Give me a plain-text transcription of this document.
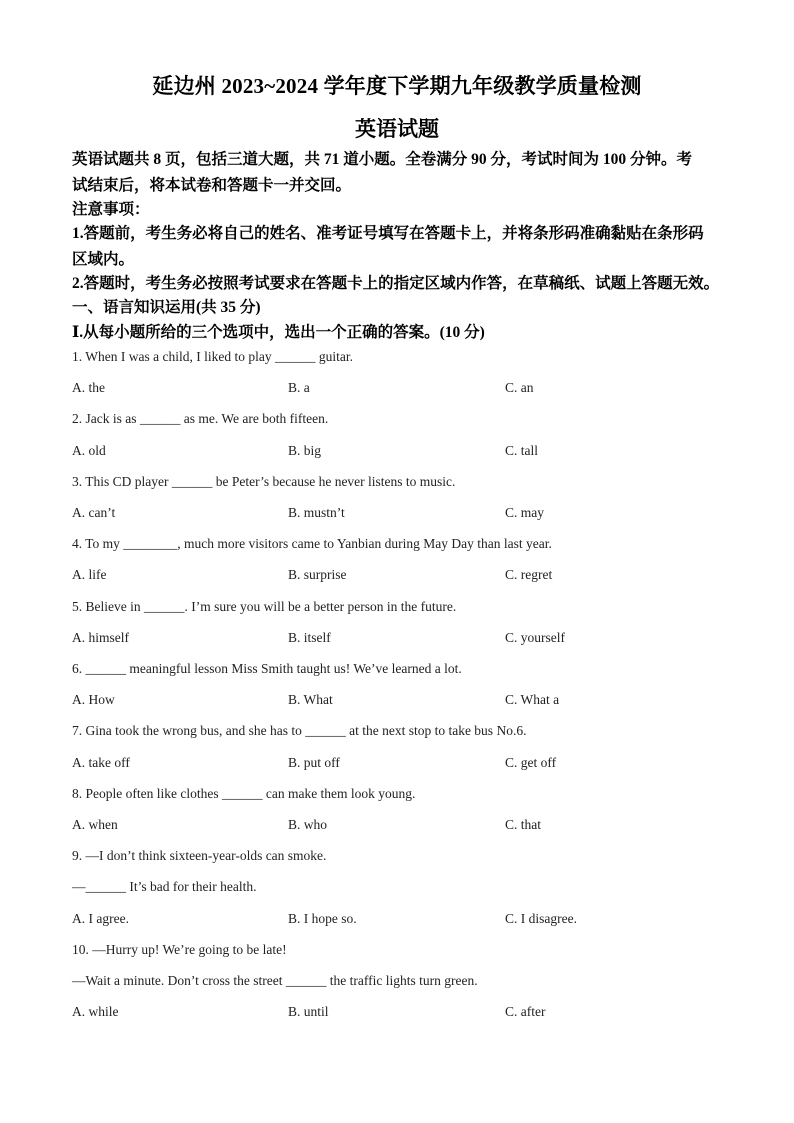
延边州 2023~2024 学年度下学期九年级教学质量检测
英语试题
英语试题共 8 页，包括三道大题，共 71 道小题。全卷满分 90 分，考试时间为 100 分钟。考
试结束后，将本试卷和答题卡一并交回。
注意事项：
1.答题前，考生务必将自己的姓名、准考证号填写在答题卡上，并将条形码准确黏贴在条形码
区域内。
2.答题时，考生务必按照考试要求在答题卡上的指定区域内作答，在草稿纸、试题上答题无效。
一、语言知识运用(共 35 分)
Ⅰ.从每小题所给的三个选项中，选出一个正确的答案。(10 分)
1. When I was a child, I liked to play ______ guitar.
A. the	B. a	C. an
2. Jack is as ______ as me. We are both fifteen.
A. old	B. big	C. tall
3. This CD player ______ be Peter’s because he never listens to music.
A. can’t	B. mustn’t	C. may
4. To my ________, much more visitors came to Yanbian during May Day than last year.
A. life	B. surprise	C. regret
5. Believe in ______. I’m sure you will be a better person in the future.
A. himself	B. itself	C. yourself
6. ______ meaningful lesson Miss Smith taught us! We’ve learned a lot.
A. How	B. What	C. What a
7. Gina took the wrong bus, and she has to ______ at the next stop to take bus No.6.
A. take off	B. put off	C. get off
8. People often like clothes ______ can make them look young.
A. when	B. who	C. that
9. —I don’t think sixteen-year-olds can smoke.
—______ It’s bad for their health.
A. I agree.	B. I hope so.	C. I disagree.
10. —Hurry up! We’re going to be late!
—Wait a minute. Don’t cross the street ______ the traffic lights turn green.
A. while	B. until	C. after
